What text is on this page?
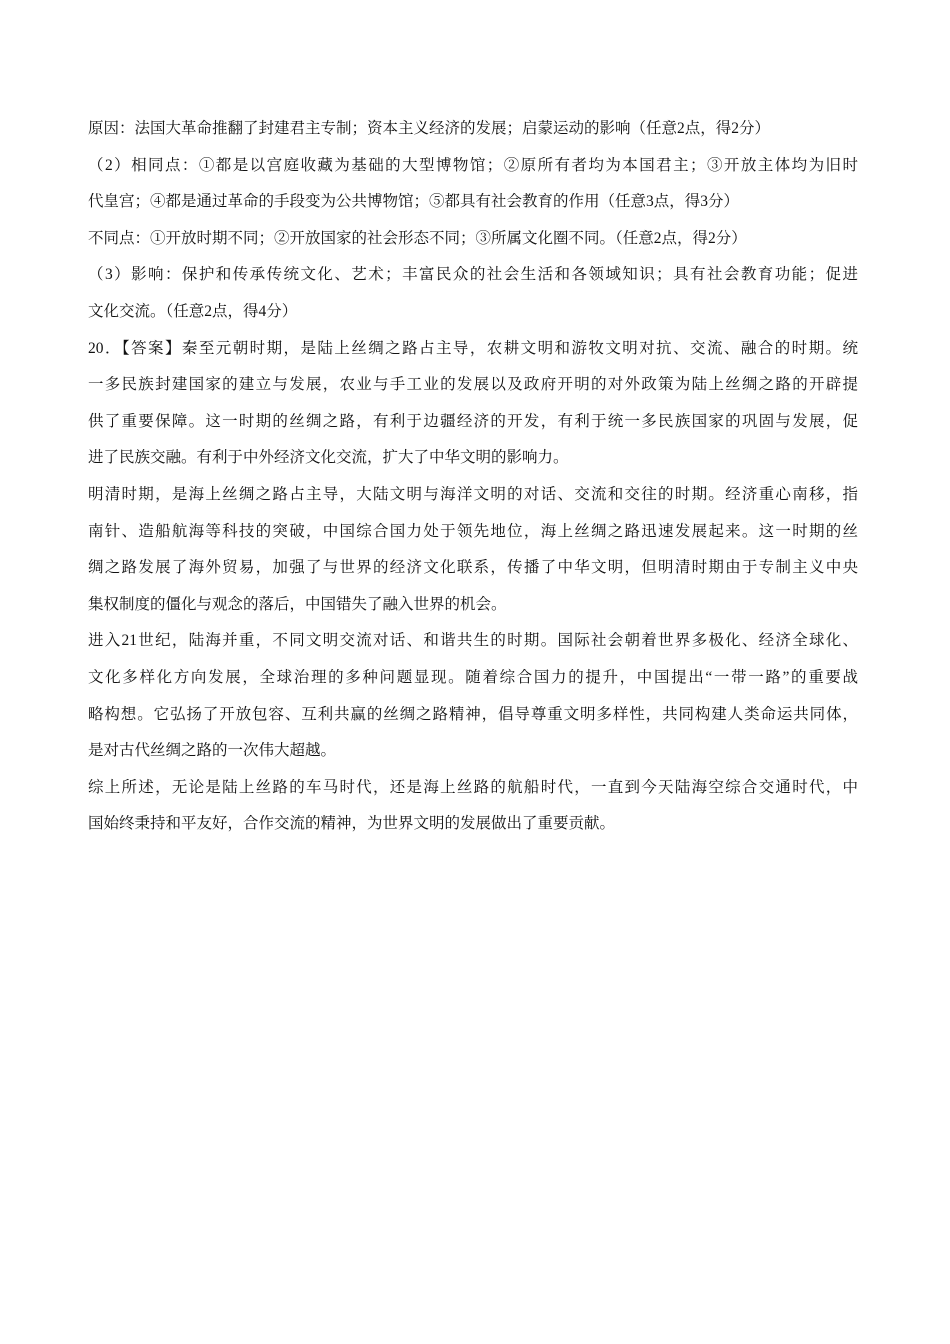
原因：法国大革命推翻了封建君主专制；资本主义经济的发展；启蒙运动的影响（任意2点，得2分）
（2）相同点：①都是以宫庭收藏为基础的大型博物馆；②原所有者均为本国君主；③开放主体均为旧时
代皇宫；④都是通过革命的手段变为公共博物馆；⑤都具有社会教育的作用（任意3点，得3分）
不同点：①开放时期不同；②开放国家的社会形态不同；③所属文化圈不同。（任意2点，得2分）
（3）影响：保护和传承传统文化、艺术；丰富民众的社会生活和各领域知识；具有社会教育功能；促进
文化交流。（任意2点，得4分）
20．【答案】秦至元朝时期，是陆上丝绸之路占主导，农耕文明和游牧文明对抗、交流、融合的时期。统
一多民族封建国家的建立与发展，农业与手工业的发展以及政府开明的对外政策为陆上丝绸之路的开辟提
供了重要保障。这一时期的丝绸之路，有利于边疆经济的开发，有利于统一多民族国家的巩固与发展，促
进了民族交融。有利于中外经济文化交流，扩大了中华文明的影响力。
明清时期，是海上丝绸之路占主导，大陆文明与海洋文明的对话、交流和交往的时期。经济重心南移，指
南针、造船航海等科技的突破，中国综合国力处于领先地位，海上丝绸之路迅速发展起来。这一时期的丝
绸之路发展了海外贸易，加强了与世界的经济文化联系，传播了中华文明，但明清时期由于专制主义中央
集权制度的僵化与观念的落后，中国错失了融入世界的机会。
进入21世纪，陆海并重，不同文明交流对话、和谐共生的时期。国际社会朝着世界多极化、经济全球化、
文化多样化方向发展，全球治理的多种问题显现。随着综合国力的提升，中国提出“一带一路”的重要战
略构想。它弘扬了开放包容、互利共赢的丝绸之路精神，倡导尊重文明多样性，共同构建人类命运共同体，
是对古代丝绸之路的一次伟大超越。
综上所述，无论是陆上丝路的车马时代，还是海上丝路的航船时代，一直到今天陆海空综合交通时代，中
国始终秉持和平友好，合作交流的精神，为世界文明的发展做出了重要贡献。
